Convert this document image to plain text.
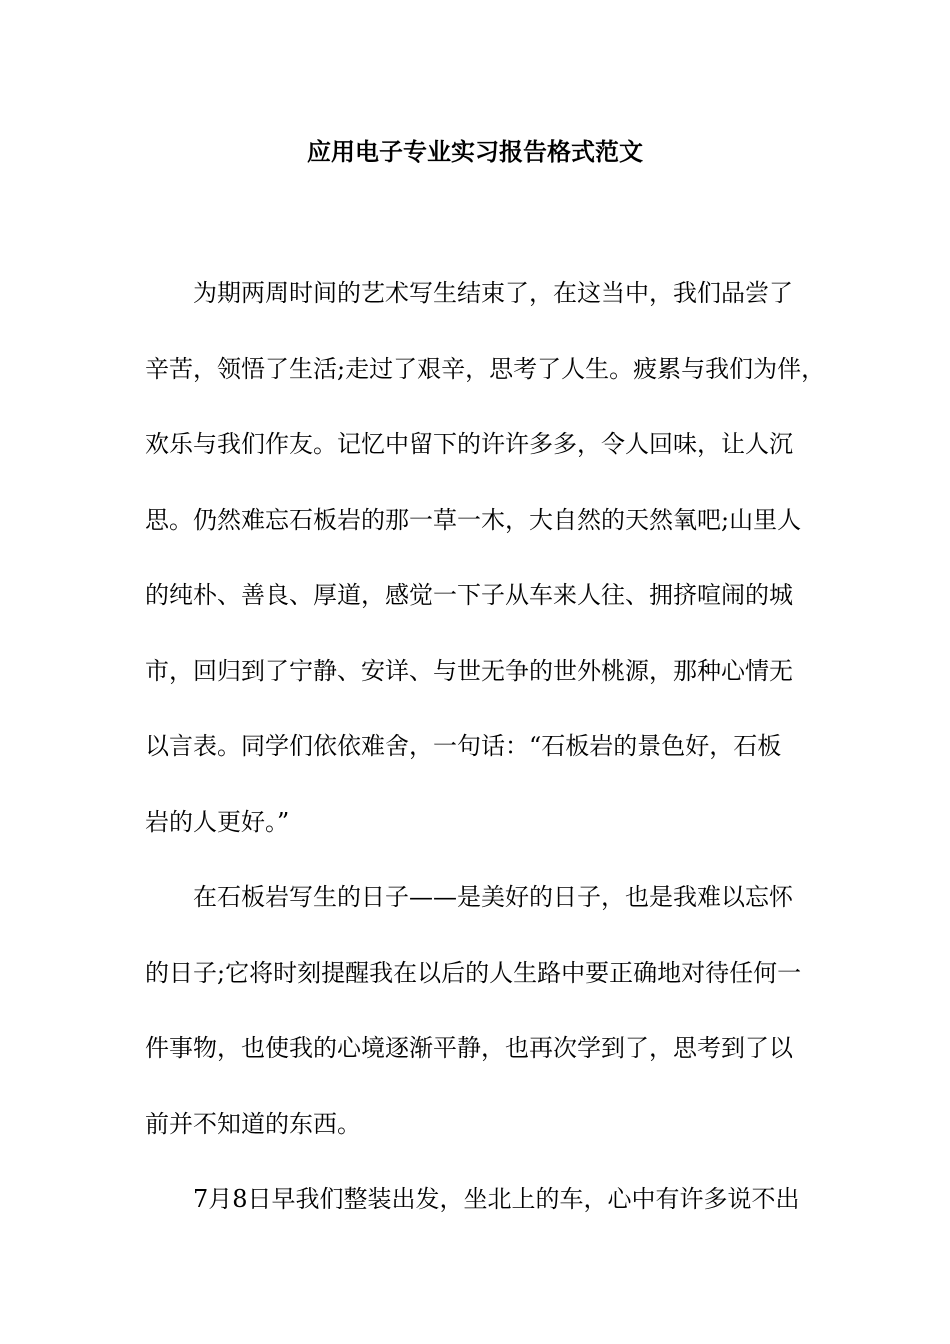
应用电子专业实习报告格式范文
为期两周时间的艺术写生结束了，在这当中，我们品尝了
辛苦，领悟了生活;走过了艰辛，思考了人生。疲累与我们为伴，
欢乐与我们作友。记忆中留下的许许多多，令人回味，让人沉
思。仍然难忘石板岩的那一草一木，大自然的天然氧吧;山里人
的纯朴、善良、厚道，感觉一下子从车来人往、拥挤喧闹的城
市，回归到了宁静、安详、与世无争的世外桃源，那种心情无
以言表。同学们依依难舍，一句话：“石板岩的景色好，石板
岩的人更好。”
在石板岩写生的日子——是美好的日子，也是我难以忘怀
的日子;它将时刻提醒我在以后的人生路中要正确地对待任何一
件事物，也使我的心境逐渐平静，也再次学到了，思考到了以
前并不知道的东西。
7月8日早我们整装出发，坐北上的车，心中有许多说不出
